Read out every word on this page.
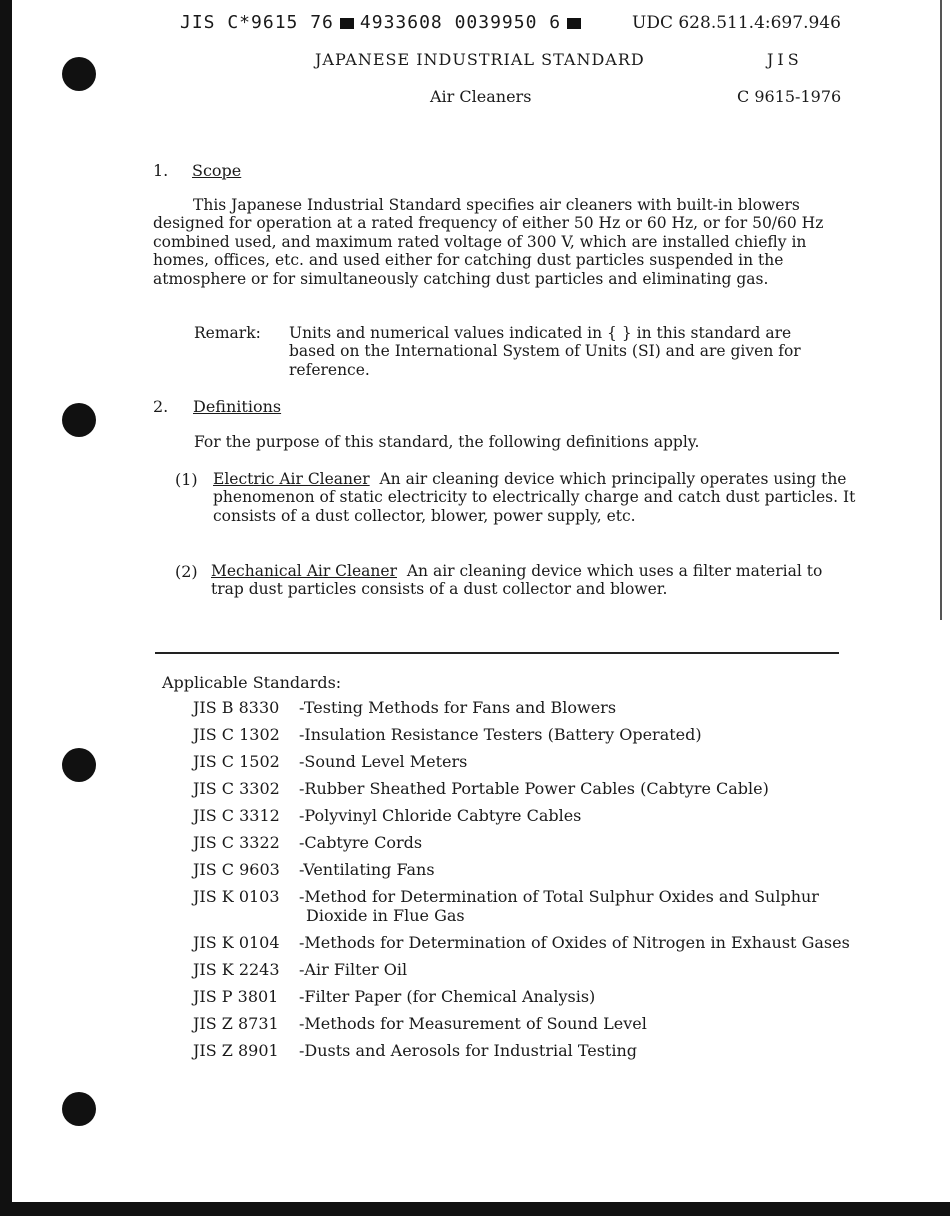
JIS C*9615 76 4933608 0039950 6	UDC 628.511.4:697.946
JAPANESE INDUSTRIAL STANDARD	JIS
Air Cleaners	C 9615-1976
1. Scope
This Japanese Industrial Standard specifies air cleaners with built-in blowers designed for operation at a rated frequency of either 50 Hz or 60 Hz, or for 50/60 Hz combined used, and maximum rated voltage of 300 V, which are installed chiefly in homes, offices, etc. and used either for catching dust particles suspended in the atmosphere or for simultaneously catching dust particles and eliminating gas.
Remark: Units and numerical values indicated in { } in this standard are based on the International System of Units (SI) and are given for reference.
2. Definitions
For the purpose of this standard, the following definitions apply.
(1) Electric Air Cleaner An air cleaning device which principally operates using the phenomenon of static electricity to electrically charge and catch dust particles. It consists of a dust collector, blower, power supply, etc.
(2) Mechanical Air Cleaner An air cleaning device which uses a filter material to trap dust particles consists of a dust collector and blower.
Applicable Standards:
JIS B 8330 -Testing Methods for Fans and Blowers
JIS C 1302 -Insulation Resistance Testers (Battery Operated)
JIS C 1502 -Sound Level Meters
JIS C 3302 -Rubber Sheathed Portable Power Cables (Cabtyre Cable)
JIS C 3312 -Polyvinyl Chloride Cabtyre Cables
JIS C 3322 -Cabtyre Cords
JIS C 9603 -Ventilating Fans
JIS K 0103 -Method for Determination of Total Sulphur Oxides and Sulphur Dioxide in Flue Gas
JIS K 0104 -Methods for Determination of Oxides of Nitrogen in Exhaust Gases
JIS K 2243 -Air Filter Oil
JIS P 3801 -Filter Paper (for Chemical Analysis)
JIS Z 8731 -Methods for Measurement of Sound Level
JIS Z 8901 -Dusts and Aerosols for Industrial Testing
